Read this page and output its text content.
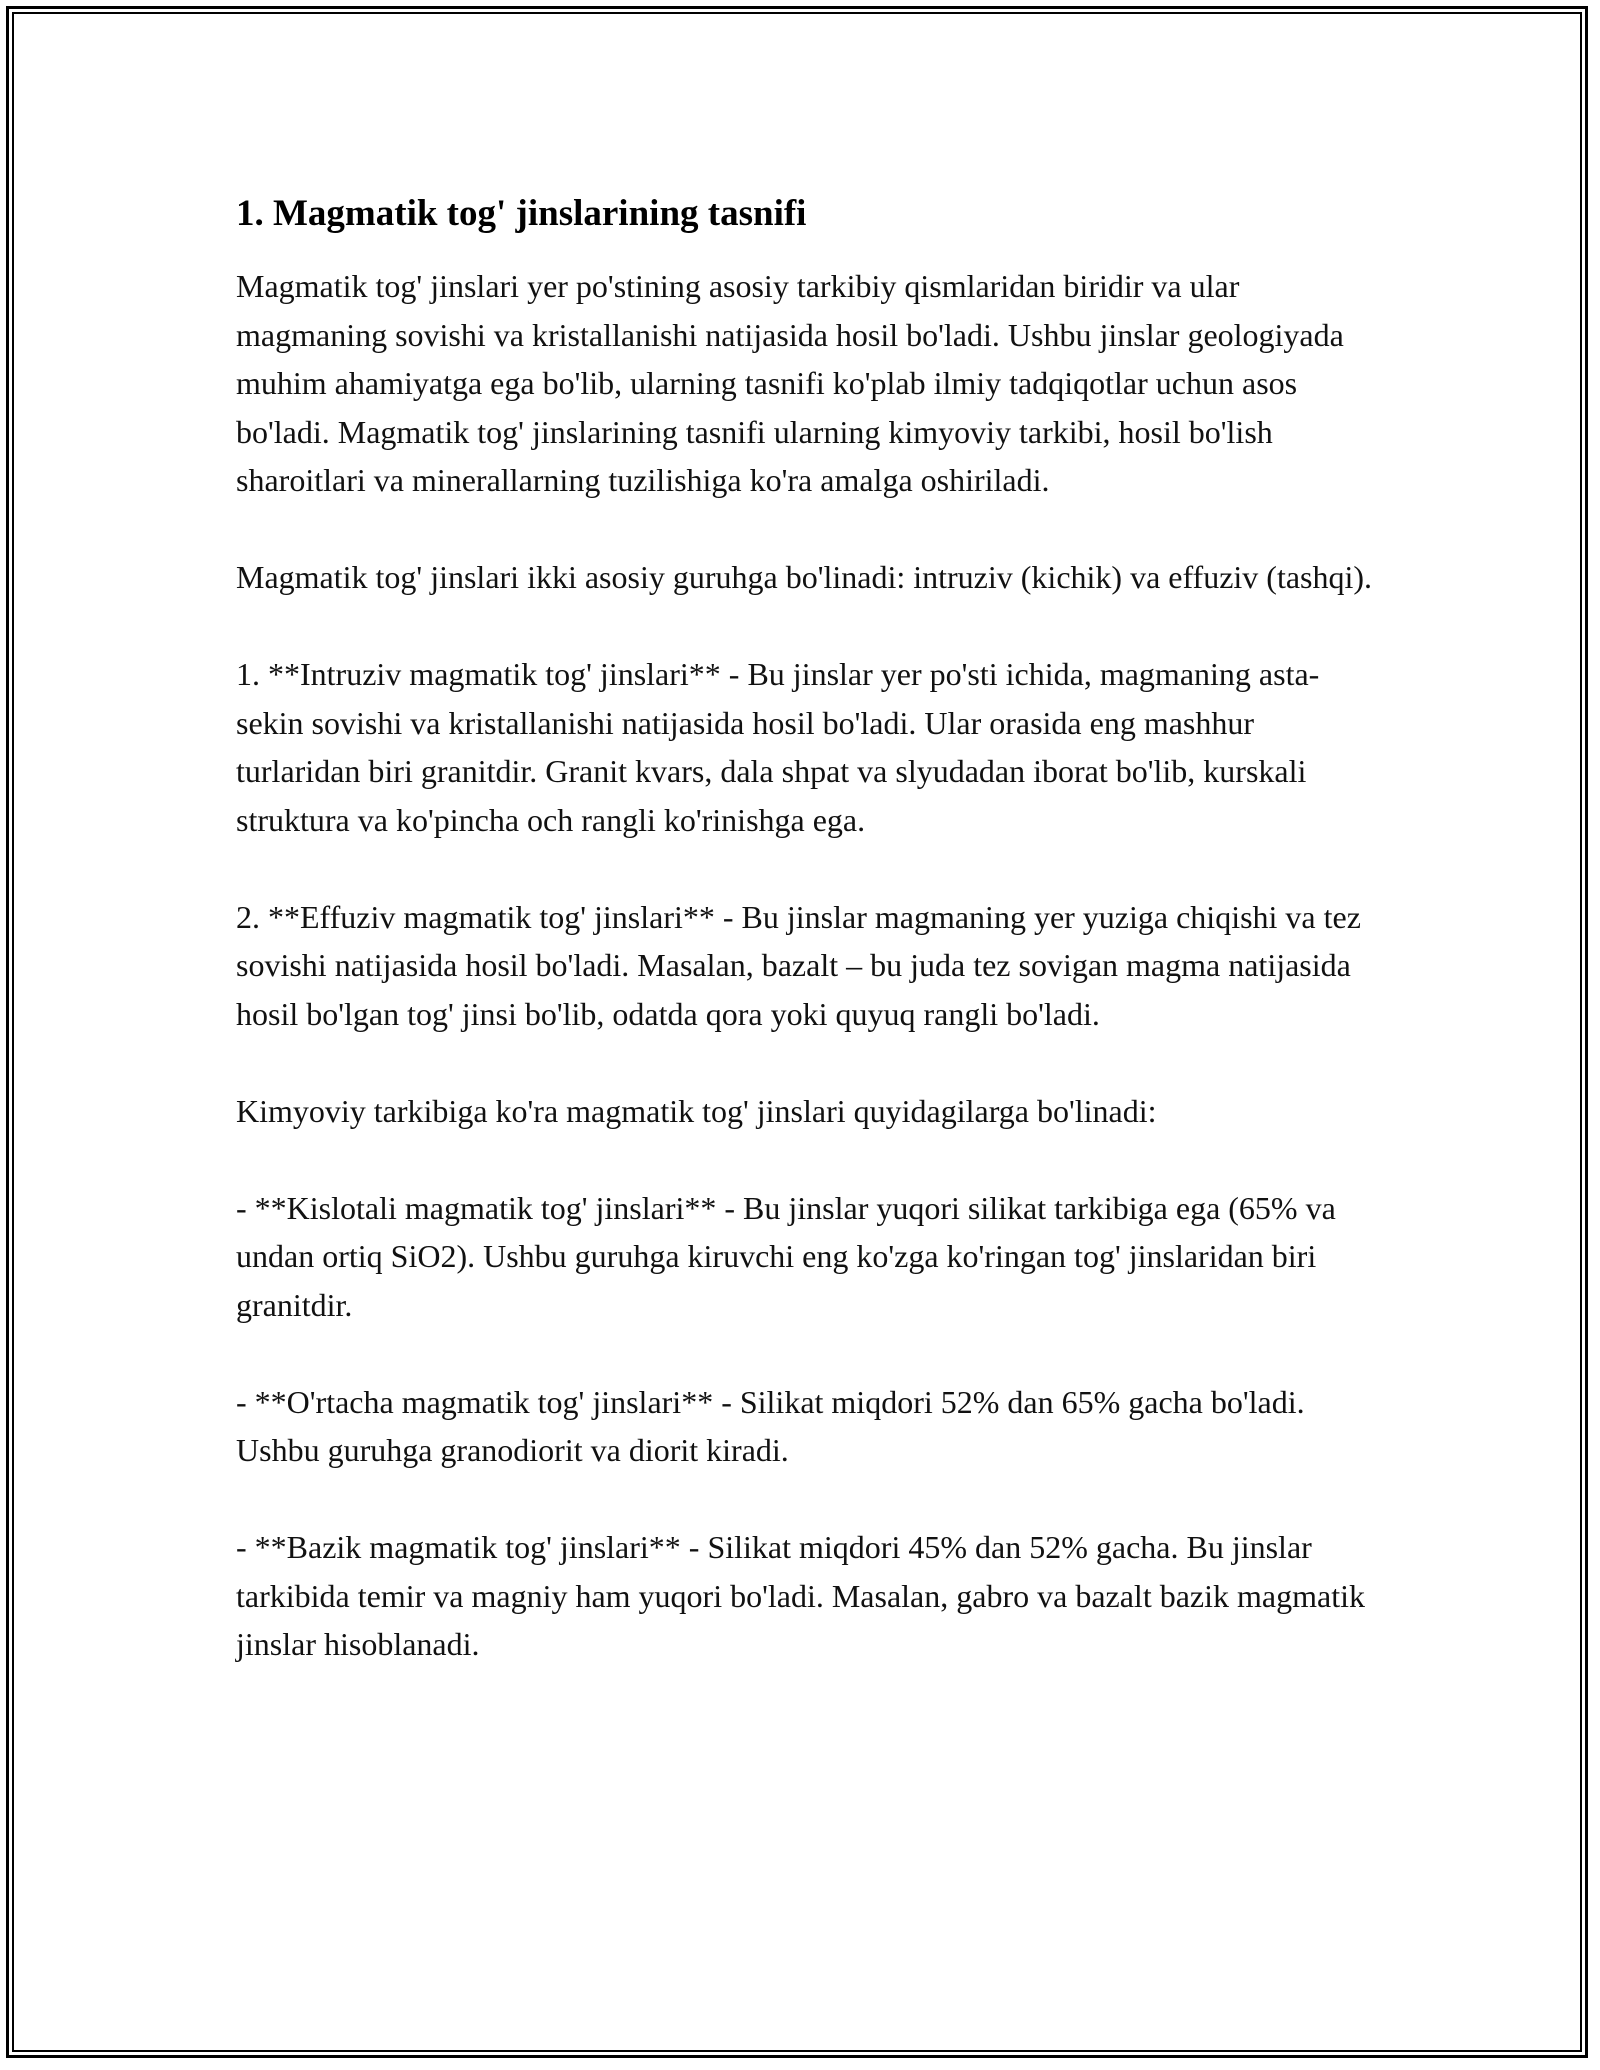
1. Magmatik tog' jinslarining tasnifi

Magmatik tog' jinslari yer po'stining asosiy tarkibiy qismlaridan biridir va ular magmaning sovishi va kristallanishi natijasida hosil bo'ladi. Ushbu jinslar geologiyada muhim ahamiyatga ega bo'lib, ularning tasnifi ko'plab ilmiy tadqiqotlar uchun asos bo'ladi. Magmatik tog' jinslarining tasnifi ularning kimyoviy tarkibi, hosil bo'lish sharoitlari va minerallarning tuzilishiga ko'ra amalga oshiriladi.

Magmatik tog' jinslari ikki asosiy guruhga bo'linadi: intruziv (kichik) va effuziv (tashqi).

1. **Intruziv magmatik tog' jinslari** - Bu jinslar yer po'sti ichida, magmaning asta-sekin sovishi va kristallanishi natijasida hosil bo'ladi. Ular orasida eng mashhur turlaridan biri granitdir. Granit kvars, dala shpat va slyudadan iborat bo'lib, kurskali struktura va ko'pincha och rangli ko'rinishga ega.

2. **Effuziv magmatik tog' jinslari** - Bu jinslar magmaning yer yuziga chiqishi va tez sovishi natijasida hosil bo'ladi. Masalan, bazalt – bu juda tez sovigan magma natijasida hosil bo'lgan tog' jinsi bo'lib, odatda qora yoki quyuq rangli bo'ladi.

Kimyoviy tarkibiga ko'ra magmatik tog' jinslari quyidagilarga bo'linadi:

- **Kislotali magmatik tog' jinslari** - Bu jinslar yuqori silikat tarkibiga ega (65% va undan ortiq SiO2). Ushbu guruhga kiruvchi eng ko'zga ko'ringan tog' jinslaridan biri granitdir.

- **O'rtacha magmatik tog' jinslari** - Silikat miqdori 52% dan 65% gacha bo'ladi. Ushbu guruhga granodiorit va diorit kiradi.

- **Bazik magmatik tog' jinslari** - Silikat miqdori 45% dan 52% gacha. Bu jinslar tarkibida temir va magniy ham yuqori bo'ladi. Masalan, gabro va bazalt bazik magmatik jinslar hisoblanadi.
